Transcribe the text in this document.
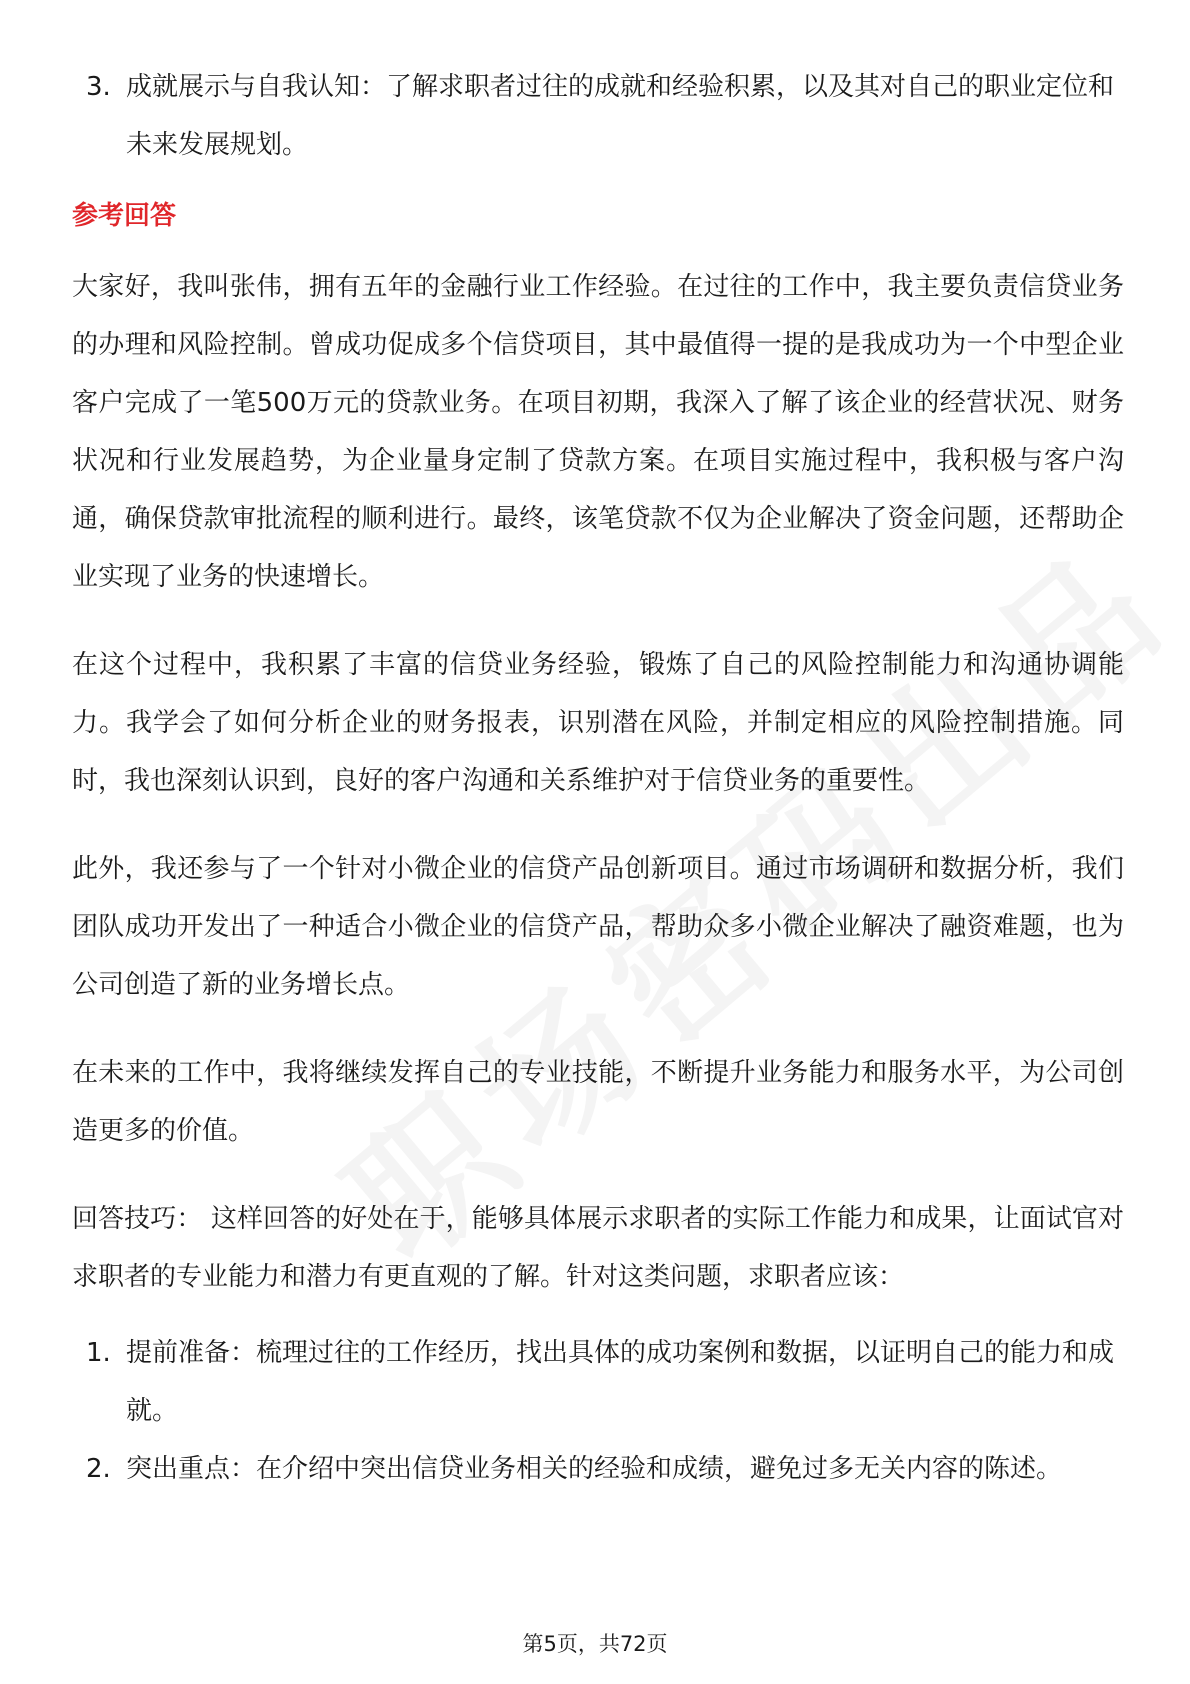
3. 成就展示与自我认知：了解求职者过往的成就和经验积累，以及其对自己的职业定位和未来发展规划。
参考回答

大家好，我叫张伟，拥有五年的金融行业工作经验。在过往的工作中，我主要负责信贷业务的办理和风险控制。曾成功促成多个信贷项目，其中最值得一提的是我成功为一个中型企业客户完成了一笔500万元的贷款业务。在项目初期，我深入了解了该企业的经营状况、财务状况和行业发展趋势，为企业量身定制了贷款方案。在项目实施过程中，我积极与客户沟通，确保贷款审批流程的顺利进行。最终，该笔贷款不仅为企业解决了资金问题，还帮助企业实现了业务的快速增长。

在这个过程中，我积累了丰富的信贷业务经验，锻炼了自己的风险控制能力和沟通协调能力。我学会了如何分析企业的财务报表，识别潜在风险，并制定相应的风险控制措施。同时，我也深刻认识到，良好的客户沟通和关系维护对于信贷业务的重要性。

此外，我还参与了一个针对小微企业的信贷产品创新项目。通过市场调研和数据分析，我们团队成功开发出了一种适合小微企业的信贷产品，帮助众多小微企业解决了融资难题，也为公司创造了新的业务增长点。

在未来的工作中，我将继续发挥自己的专业技能，不断提升业务能力和服务水平，为公司创造更多的价值。

回答技巧： 这样回答的好处在于，能够具体展示求职者的实际工作能力和成果，让面试官对求职者的专业能力和潜力有更直观的了解。针对这类问题，求职者应该：

1. 提前准备：梳理过往的工作经历，找出具体的成功案例和数据，以证明自己的能力和成就。
2. 突出重点：在介绍中突出信贷业务相关的经验和成绩，避免过多无关内容的陈述。
第5页，共72页
